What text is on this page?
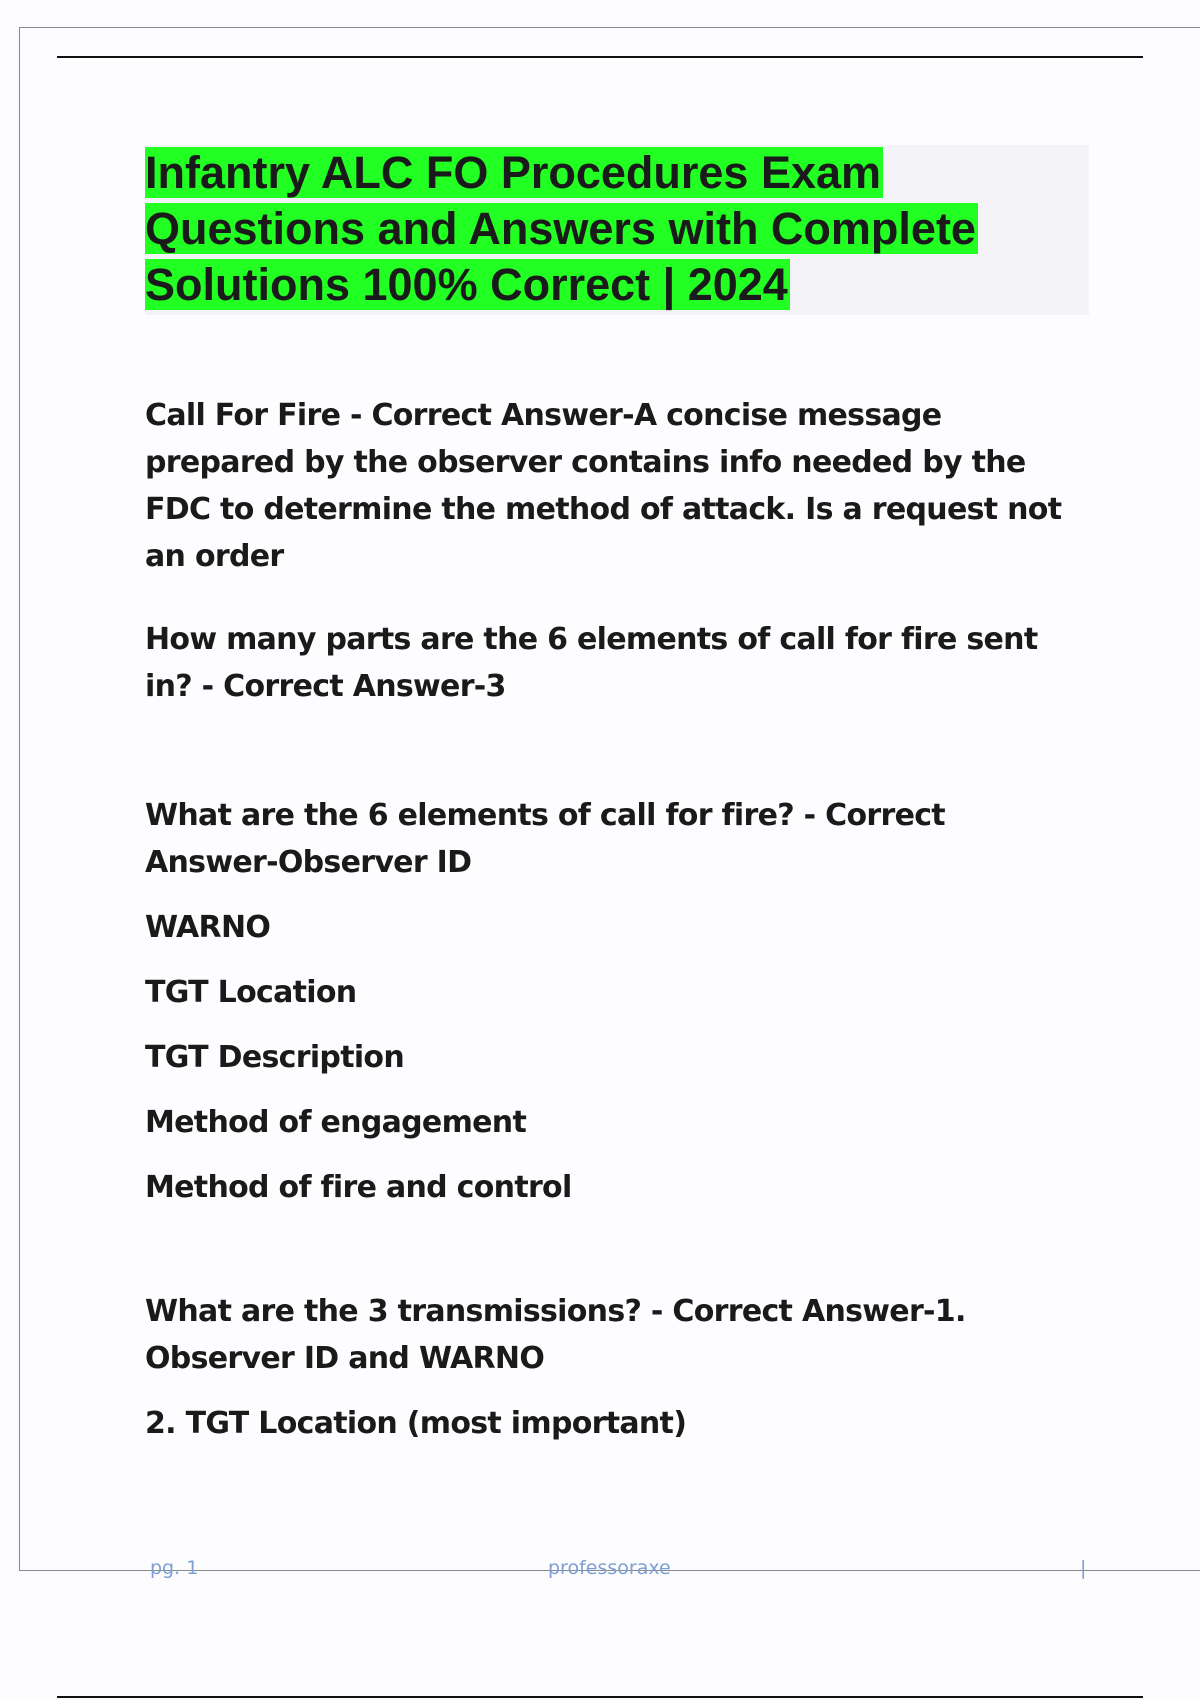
Infantry ALC FO Procedures Exam Questions and Answers with Complete Solutions 100% Correct | 2024

Call For Fire - Correct Answer-A concise message prepared by the observer contains info needed by the FDC to determine the method of attack. Is a request not an order

How many parts are the 6 elements of call for fire sent in? - Correct Answer-3

What are the 6 elements of call for fire? - Correct Answer-Observer ID

WARNO

TGT Location

TGT Description

Method of engagement

Method of fire and control

What are the 3 transmissions? - Correct Answer-1. Observer ID and WARNO

2. TGT Location (most important)

pg. 1	professoraxe	|
